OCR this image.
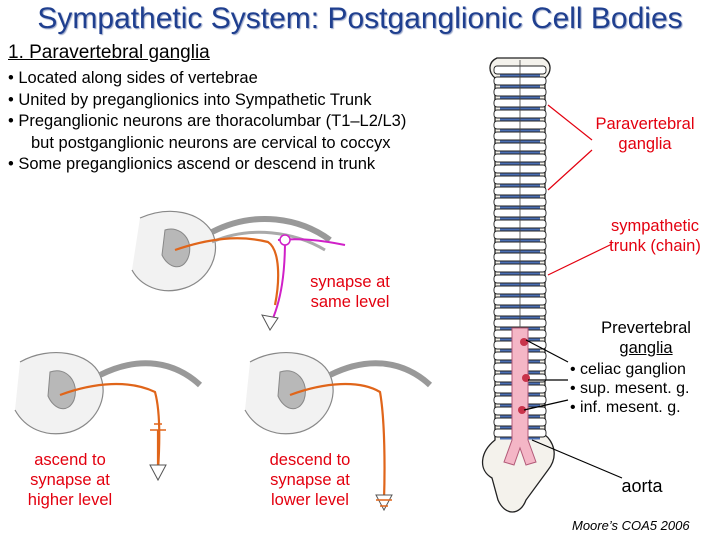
Sympathetic System: Postganglionic Cell Bodies
1. Paravertebral ganglia
• Located along sides of vertebrae
• United by preganglionics into Sympathetic Trunk
• Preganglionic neurons are thoracolumbar (T1–L2/L3)
but postganglionic neurons are cervical to coccyx
• Some preganglionics ascend or descend in trunk
Paravertebral
ganglia
sympathetic
trunk (chain)
synapse at
same level
Prevertebral
ganglia
• celiac ganglion
• sup. mesent. g.
• inf. mesent. g.
ascend to
synapse at
higher level
descend to
synapse at
lower level
aorta
Moore’s COA5 2006
